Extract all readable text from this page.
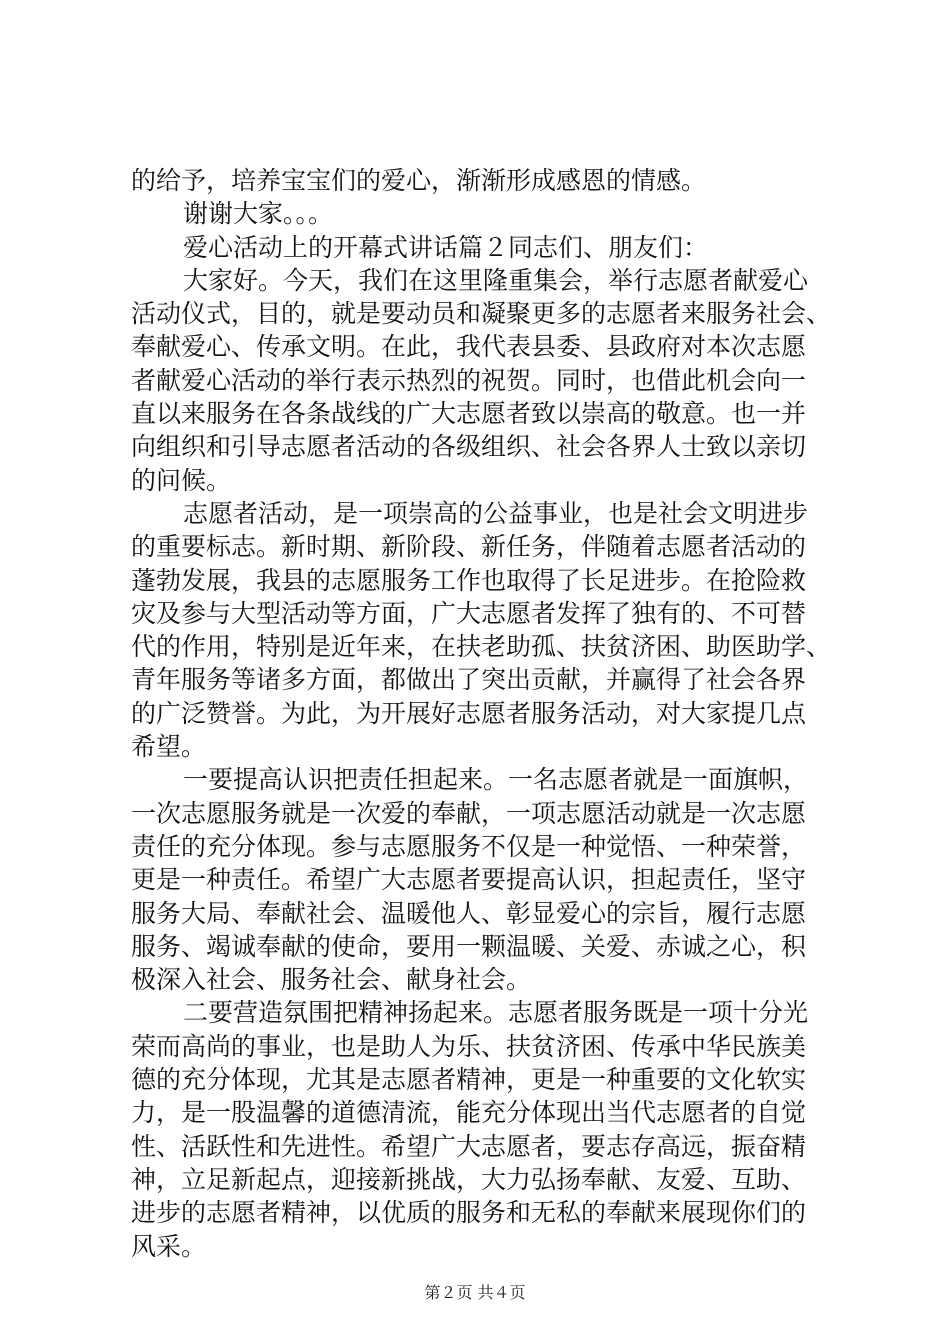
的给予，培养宝宝们的爱心，渐渐形成感恩的情感。
谢谢大家。。。
爱心活动上的开幕式讲话篇２同志们、朋友们：
大家好。今天，我们在这里隆重集会，举行志愿者献爱心
活动仪式，目的，就是要动员和凝聚更多的志愿者来服务社会、
奉献爱心、传承文明。在此，我代表县委、县政府对本次志愿
者献爱心活动的举行表示热烈的祝贺。同时，也借此机会向一
直以来服务在各条战线的广大志愿者致以崇高的敬意。也一并
向组织和引导志愿者活动的各级组织、社会各界人士致以亲切
的问候。
志愿者活动，是一项崇高的公益事业，也是社会文明进步
的重要标志。新时期、新阶段、新任务，伴随着志愿者活动的
蓬勃发展，我县的志愿服务工作也取得了长足进步。在抢险救
灾及参与大型活动等方面，广大志愿者发挥了独有的、不可替
代的作用，特别是近年来，在扶老助孤、扶贫济困、助医助学、
青年服务等诸多方面，都做出了突出贡献，并赢得了社会各界
的广泛赞誉。为此，为开展好志愿者服务活动，对大家提几点
希望。
一要提高认识把责任担起来。一名志愿者就是一面旗帜，
一次志愿服务就是一次爱的奉献，一项志愿活动就是一次志愿
责任的充分体现。参与志愿服务不仅是一种觉悟、一种荣誉，
更是一种责任。希望广大志愿者要提高认识，担起责任，坚守
服务大局、奉献社会、温暖他人、彰显爱心的宗旨，履行志愿
服务、竭诚奉献的使命，要用一颗温暖、关爱、赤诚之心，积
极深入社会、服务社会、献身社会。
二要营造氛围把精神扬起来。志愿者服务既是一项十分光
荣而高尚的事业，也是助人为乐、扶贫济困、传承中华民族美
德的充分体现，尤其是志愿者精神，更是一种重要的文化软实
力，是一股温馨的道德清流，能充分体现出当代志愿者的自觉
性、活跃性和先进性。希望广大志愿者，要志存高远，振奋精
神，立足新起点，迎接新挑战，大力弘扬奉献、友爱、互助、
进步的志愿者精神，以优质的服务和无私的奉献来展现你们的
风采。
第２页 共４页
